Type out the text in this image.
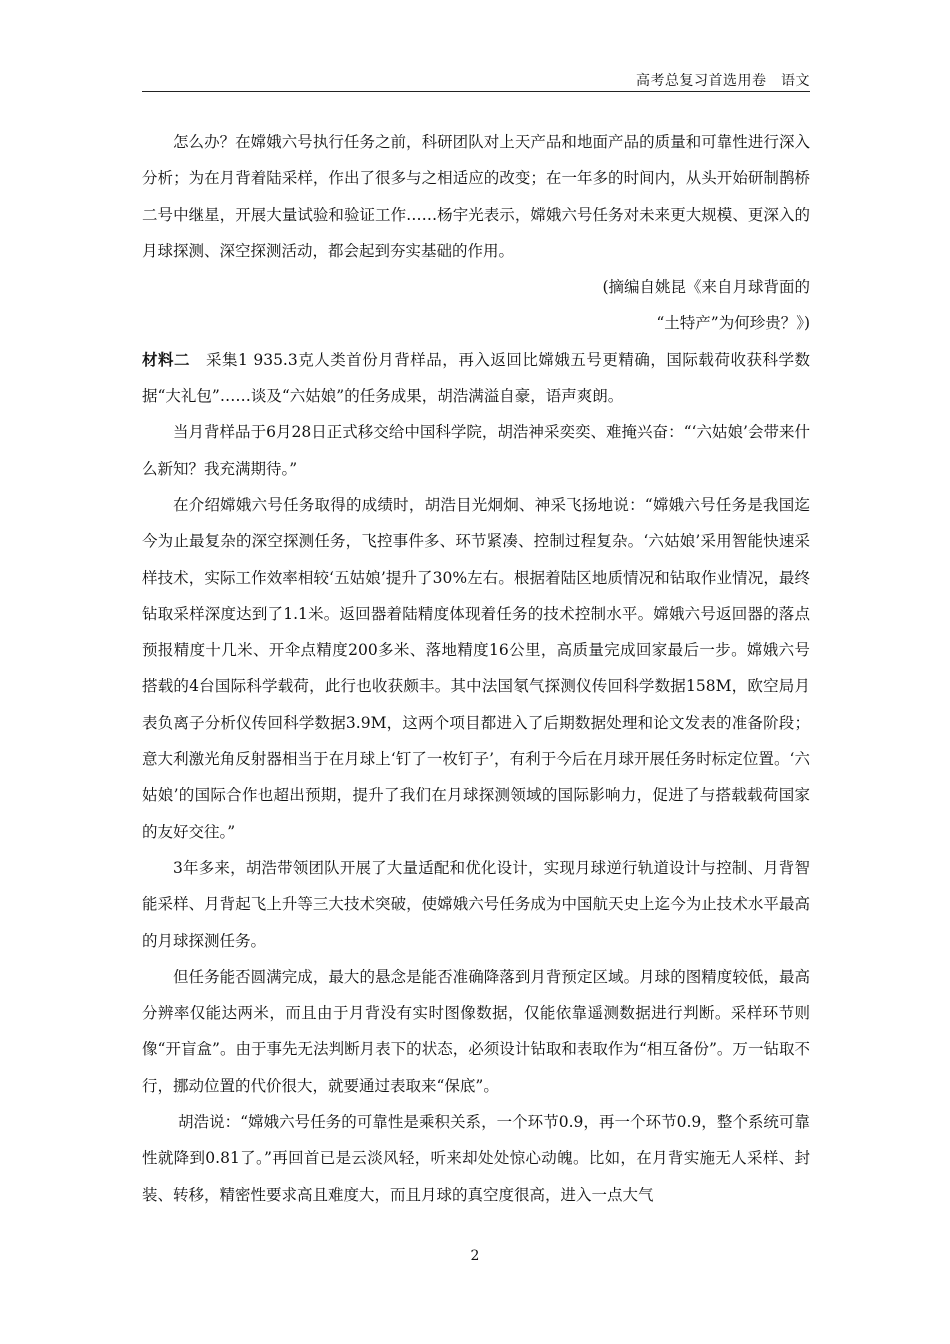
高考总复习首选用卷　语文

怎么办？在嫦娥六号执行任务之前，科研团队对上天产品和地面产品的质量和可靠性进行深入分析；为在月背着陆采样，作出了很多与之相适应的改变；在一年多的时间内，从头开始研制鹊桥二号中继星，开展大量试验和验证工作……杨宇光表示，嫦娥六号任务对未来更大规模、更深入的月球探测、深空探测活动，都会起到夯实基础的作用。

(摘编自姚昆《来自月球背面的

“土特产”为何珍贵？》)

材料二　采集1 935.3克人类首份月背样品，再入返回比嫦娥五号更精确，国际载荷收获科学数据“大礼包”……谈及“六姑娘”的任务成果，胡浩满溢自豪，语声爽朗。

当月背样品于6月28日正式移交给中国科学院，胡浩神采奕奕、难掩兴奋：“‘六姑娘’会带来什么新知？我充满期待。”

在介绍嫦娥六号任务取得的成绩时，胡浩目光炯炯、神采飞扬地说：“嫦娥六号任务是我国迄今为止最复杂的深空探测任务，飞控事件多、环节紧凑、控制过程复杂。‘六姑娘’采用智能快速采样技术，实际工作效率相较‘五姑娘’提升了30%左右。根据着陆区地质情况和钻取作业情况，最终钻取采样深度达到了1.1米。返回器着陆精度体现着任务的技术控制水平。嫦娥六号返回器的落点预报精度十几米、开伞点精度200多米、落地精度16公里，高质量完成回家最后一步。嫦娥六号搭载的4台国际科学载荷，此行也收获颇丰。其中法国氡气探测仪传回科学数据158M，欧空局月表负离子分析仪传回科学数据3.9M，这两个项目都进入了后期数据处理和论文发表的准备阶段；意大利激光角反射器相当于在月球上‘钉了一枚钉子’，有利于今后在月球开展任务时标定位置。‘六姑娘’的国际合作也超出预期，提升了我们在月球探测领域的国际影响力，促进了与搭载载荷国家的友好交往。”

3年多来，胡浩带领团队开展了大量适配和优化设计，实现月球逆行轨道设计与控制、月背智能采样、月背起飞上升等三大技术突破，使嫦娥六号任务成为中国航天史上迄今为止技术水平最高的月球探测任务。

但任务能否圆满完成，最大的悬念是能否准确降落到月背预定区域。月球的图精度较低，最高分辨率仅能达两米，而且由于月背没有实时图像数据，仅能依靠遥测数据进行判断。采样环节则像“开盲盒”。由于事先无法判断月表下的状态，必须设计钻取和表取作为“相互备份”。万一钻取不行，挪动位置的代价很大，就要通过表取来“保底”。

胡浩说：“嫦娥六号任务的可靠性是乘积关系，一个环节0.9，再一个环节0.9，整个系统可靠性就降到0.81了。”再回首已是云淡风轻，听来却处处惊心动魄。比如，在月背实施无人采样、封装、转移，精密性要求高且难度大，而且月球的真空度很高，进入一点大气

2
